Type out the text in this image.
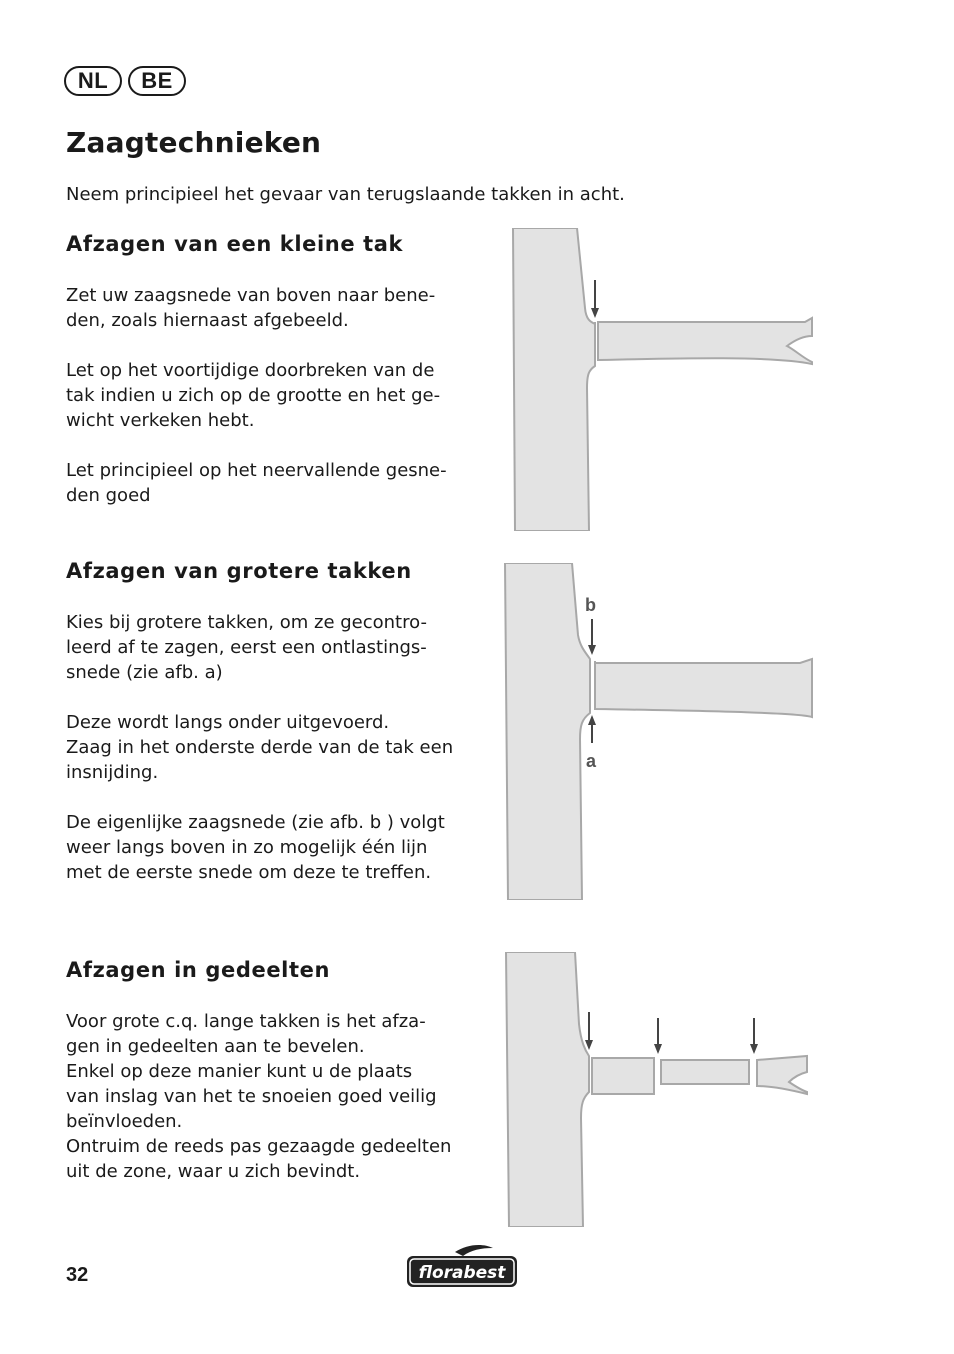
NL	BE
Zaagtechnieken

Neem principieel het gevaar van terugslaande takken in acht.

Afzagen van een kleine tak

Zet uw zaagsnede van boven naar bene-
den, zoals hiernaast afgebeeld.

Let op het voortijdige doorbreken van de
tak indien u zich op de grootte en het ge-
wicht verkeken hebt.

Let principieel op het neervallende gesne-
den goed

Afzagen van grotere takken

Kies bij grotere takken, om ze gecontro-
leerd af te zagen, eerst een ontlastings-
snede (zie afb. a)

Deze wordt langs onder uitgevoerd.
Zaag in het onderste derde van de tak een
insnijding.

De eigenlijke zaagsnede (zie afb. b ) volgt
weer langs boven in zo mogelijk één lijn
met de eerste snede om deze te treffen.

Afzagen in gedeelten

Voor grote c.q. lange takken is het afza-
gen in gedeelten aan te bevelen.
Enkel op deze manier kunt u de plaats
van inslag van het te snoeien goed veilig
beïnvloeden.
Ontruim de reeds pas gezaagde gedeelten
uit de zone, waar u zich bevindt.

b
a
32	florabest
